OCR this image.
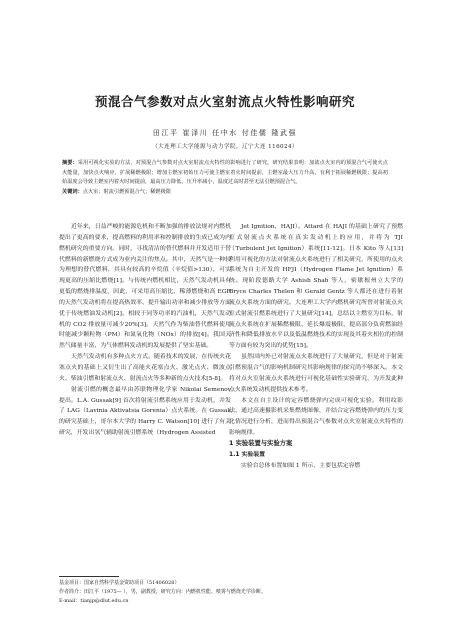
预混合气参数对点火室射流点火特性影响研究
田江平 崔泽川 任中水 付佳儒 隆武强
（大连理工大学能源与动力学院，辽宁大连 116024）
摘要：采用可视化实验的方法，对预混合气参数对点火室射流点火特性的影响进行了研究。研究结果表明：加浓点火室内的预混合气可使火点火能量，加快点火响应，扩展稀燃极限；增加主燃室初始压力可使主燃室着火时间提前，主燃室最大压力升高，有利于拓展稀燃极限；提高初始温度会导致主燃室内着火时间提前，最高压力降低，压升率减小，温度过高时甚至无法引燃预混合气。
关键词：点火室；射流引燃预混合气；稀燃极限

近年来，日益严峻的能源危机和不断加强的排放法规对内燃机提出了更高的要求，提高燃料的利用率和控制排放的生成已成为内燃机研究的重要方向。同时，寻找清洁的替代燃料并开发适用于替代燃料的新燃烧方式成为业内关注的焦点。其中，天然气是一种较为理想的替代燃料，其具有较高的辛烷值（辛烷值>130），可实现更高的压缩比燃烧[1]。与传统内燃机相比，天然气发动机具有更低的燃烧排温度，因此，可采用高压缩比、稀薄燃烧和高 EGR 的天然气发动机将在提高热效率、提升输出功率和减少排放等方面优于传统燃油发动机[2]。相较于同等功率的汽油机，天然气发动机的 CO2 排放量可减少20%[3]。天然气作为柴油替代燃料使用时能减少颗粒物（PM）和氮氧化物（NOx）的排放[4]。我国天然气储量丰富，为气体燃料发动机的发展提供了坚实基础。

天然气发动机有多种点火方式。随着技术的发展，在传统火花塞点火的基础上又衍生出了高能火花塞点火、激光点火、微波点火、柴油引燃和射流点火、射流点火等多种新的点火技术[5-8]。

射流引燃的概念最早由苏联物理化学家 Nikolai Semenov 提出。L.A. Gussak[9] 首次将射流引燃系统应用于发动机，并发了 LAG（Lavinia Aktivatsia Gorenia）点火系统。在 Gussak 的研究基础上，哥尔本大学的 Harry C. Watson[10] 进行了有关研究，开发出氢气辅助射流引燃系统（Hydrogen Assisted

Jet Ignition，HAJI）。Attard 在 HAJI 的基础上研究了预燃室式射流点火系统在真实发动机上的应用，并将为 TJI（Turbulent Jet Ignition）系统[11-12]。日本 Kito 等人[13] 利用可视化的方法对射流点火系统进行了相关研究，所使用的点火系统为自主开发的 HFJI（Hydrogen Flame Jet Ignition）系统。现阶段德路大学 Ashish Shah 等人，密歇根州立大学的 Bryce Charles Thelen 和 Gerald Gentz 等人都还在进行着射流点火系统方面的研究。大连理工大学内燃机研究所曾对射流点火室式射流引燃系统进行了大量研究[14]，总结以主燃室为目标，射流点火系统在扩展稀燃极限、延长爆震极限、提高部分负荷燃油经济性和降低排放水平以及低温燃烧技术的实现及其着火相位的控制等方面有较为突出的优势[15]。

虽然国内外已对射流点火系统进行了大量研究，但是对于射流引燃预混合气的影响机制研究其影响规律的探究尚不够深入。本文将对点火室射流点火系统进行可视化基础性实验研究，为开发此种点火系统发动机提供技术参考。

本文在自主设计的定容燃烧弹内完成可视化实验。利用纹影法、通过高速摄影机采集燃烧图像，并结合定容燃烧弹内的压力变化情况进行分析，进而得出预混合气参数对点火室射流点火特性的影响规律。

1 实验装置与实验方案

1.1 实验装置

实验台总体布置如图 1 所示，主要包括定容燃

基金项目：国家自然科学基金资助项目（51406028）
作者简介：田江平（1975— ），男，副教授，研究方向：内燃机性能、喷雾与燃烧光学诊断。
E-mail：tianjp@dlut.edu.cn
